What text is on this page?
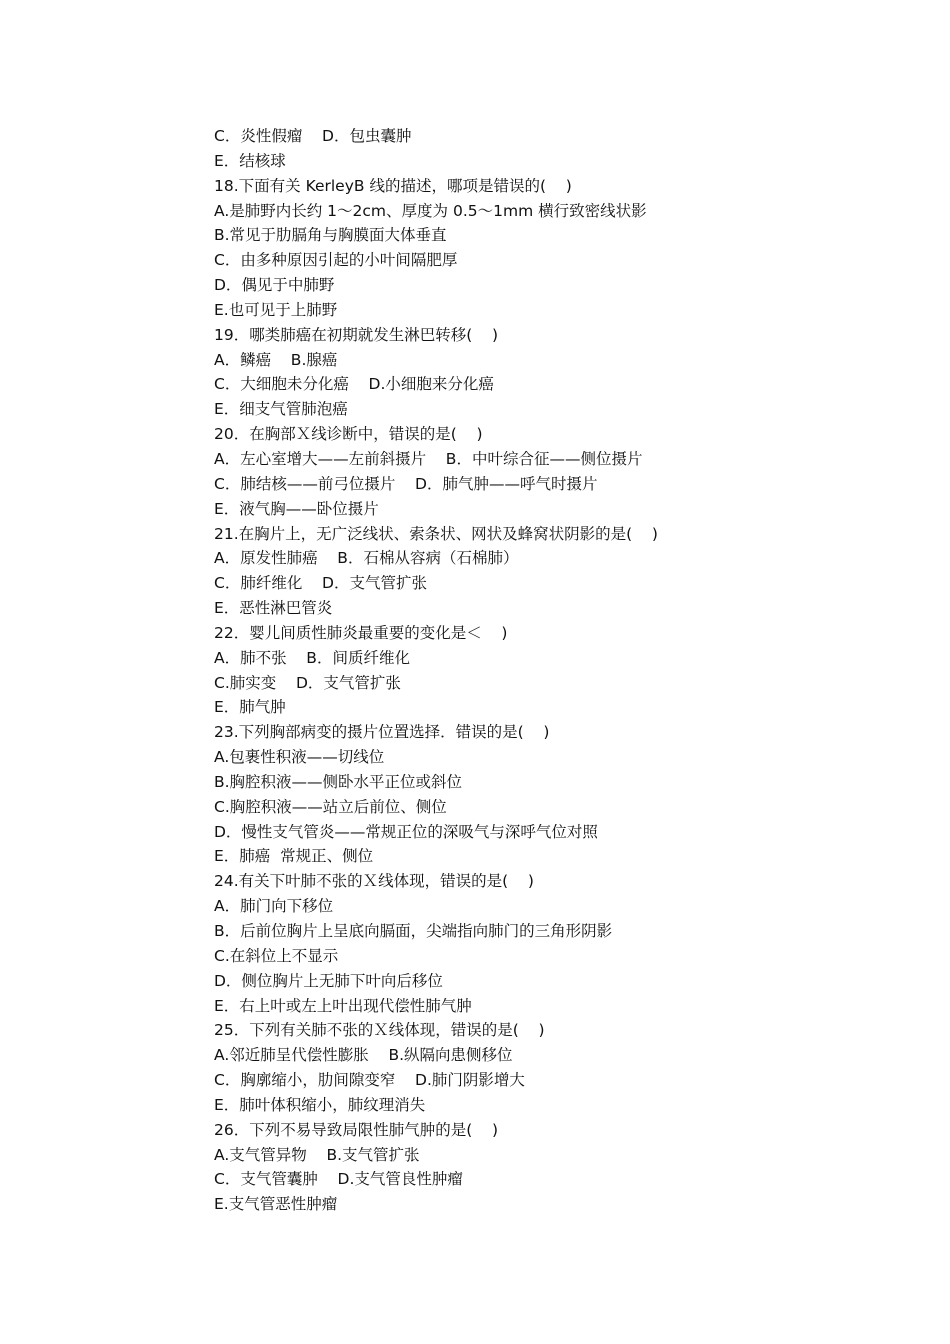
C．炎性假瘤    D．包虫囊肿
E．结核球
18.下面有关 KerleyB 线的描述，哪项是错误的(    )
A.是肺野内长约 1～2cm、厚度为 0.5～1mm 横行致密线状影
B.常见于肋膈角与胸膜面大体垂直
C．由多种原因引起的小叶间隔肥厚
D．偶见于中肺野
E.也可见于上肺野
19．哪类肺癌在初期就发生淋巴转移(    )
A．鳞癌    B.腺癌
C．大细胞未分化癌    D.小细胞来分化癌
E．细支气管肺泡癌
20．在胸部Ｘ线诊断中，错误的是(    )
A．左心室增大——左前斜摄片    B．中叶综合征——侧位摄片
C．肺结核——前弓位摄片    D．肺气肿——呼气时摄片
E．液气胸——卧位摄片
21.在胸片上，无广泛线状、索条状、网状及蜂窝状阴影的是(    )
A．原发性肺癌    B．石棉从容病（石棉肺）
C．肺纤维化    D．支气管扩张
E．恶性淋巴管炎
22．婴儿间质性肺炎最重要的变化是＜    )
A．肺不张    B．间质纤维化
C.肺实变    D．支气管扩张
E．肺气肿
23.下列胸部病变的摄片位置选择．错误的是(    )
A.包裹性积液——切线位
B.胸腔积液——侧卧水平正位或斜位
C.胸腔积液——站立后前位、侧位
D．慢性支气管炎——常规正位的深吸气与深呼气位对照
E．肺癌  常规正、侧位
24.有关下叶肺不张的Ｘ线体现，错误的是(    )
A．肺门向下移位
B．后前位胸片上呈底向膈面，尖端指向肺门的三角形阴影
C.在斜位上不显示
D．侧位胸片上无肺下叶向后移位
E．右上叶或左上叶出现代偿性肺气肿
25．下列有关肺不张的Ｘ线体现，错误的是(    )
A.邻近肺呈代偿性膨胀    B.纵隔向患侧移位
C．胸廓缩小，肋间隙变窄    D.肺门阴影增大
E．肺叶体积缩小，肺纹理消失
26．下列不易导致局限性肺气肿的是(    )
A.支气管异物    B.支气管扩张
C．支气管囊肿    D.支气管良性肿瘤
E.支气管恶性肿瘤
